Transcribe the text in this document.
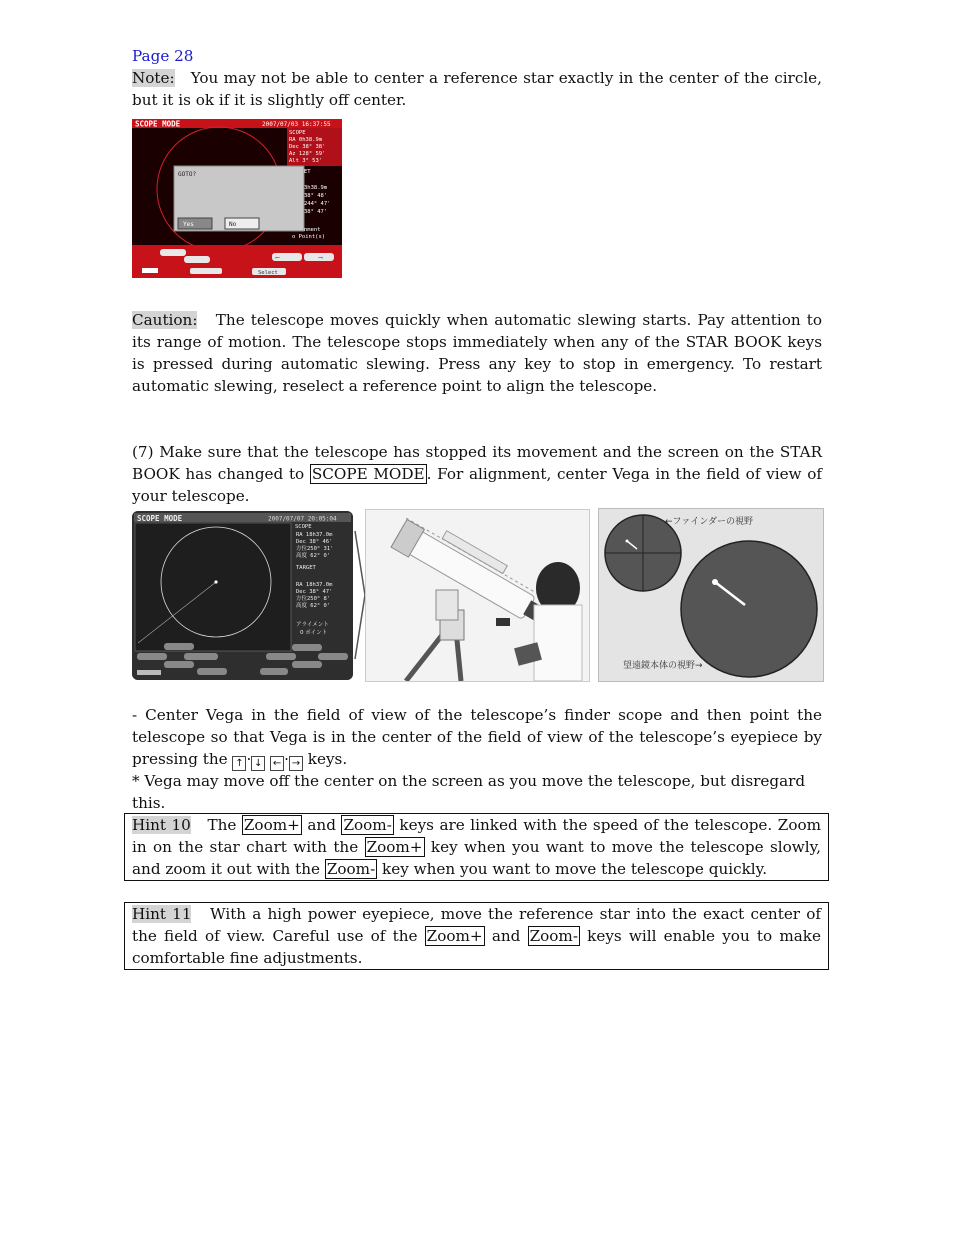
Page 28
Note: You may not be able to center a reference star exactly in the center of the circle, but it is ok if it is slightly off center.
SCOPE MODE	2007/07/03 16:37:55
SCOPE
RA 0h38.9m
Dec 38° 38'
Az 128° 59'
Alt 3° 53'
ET
3h38.9m
38° 48'
244° 47'
38° 47'
nment
o Point(s)
GOTO?
Yes	No
←	→
Select
Caution: The telescope moves quickly when automatic slewing starts. Pay attention to its range of motion. The telescope stops immediately when any of the STAR BOOK keys is pressed during automatic slewing. Press any key to stop in emergency. To restart automatic slewing, reselect a reference point to align the telescope.
(7) Make sure that the telescope has stopped its movement and the screen on the STAR BOOK has changed to SCOPE MODE . For alignment, center Vega in the field of view of your telescope.
SCOPE MODE	2007/07/07 20:05:04
SCOPE
RA 18h37.0m
Dec 38° 46'
方位250° 31'
高度 62° 0'
TARGET
RA 18h37.0m
Dec 38° 47'
方位250° 8'
高度 62° 0'
アライメント
0 ポイント
←ファインダーの視野
望遠鏡本体の視野→
- Center Vega in the field of view of the telescope’s finder scope and then point the telescope so that Vega is in the center of the field of view of the telescope’s eyepiece by pressing the ↑ · ↓ ← · → keys.
* Vega may move off the center on the screen as you move the telescope, but disregard this.
Hint 10 The Zoom+ and Zoom- keys are linked with the speed of the telescope. Zoom in on the star chart with the Zoom+ key when you want to move the telescope slowly, and zoom it out with the Zoom- key when you want to move the telescope quickly.
Hint 11 With a high power eyepiece, move the reference star into the exact center of the field of view. Careful use of the Zoom+ and Zoom- keys will enable you to make comfortable fine adjustments.
